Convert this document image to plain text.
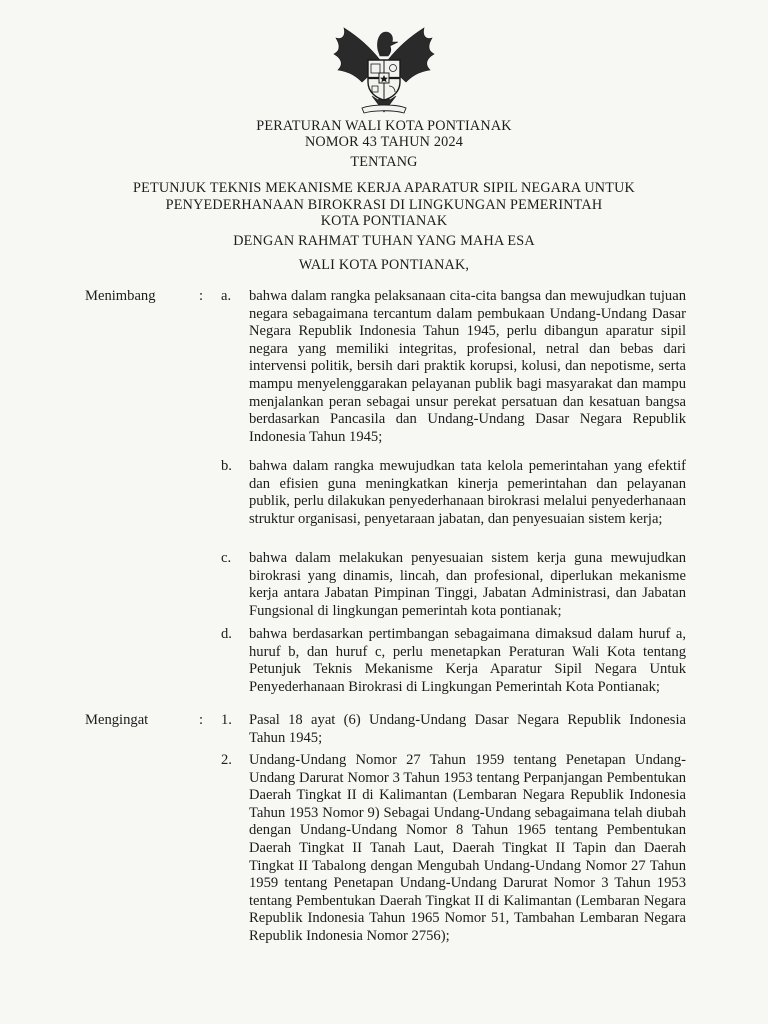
PERATURAN WALI KOTA PONTIANAK
NOMOR 43 TAHUN 2024
TENTANG
PETUNJUK TEKNIS MEKANISME KERJA APARATUR SIPIL NEGARA UNTUK
PENYEDERHANAAN BIROKRASI DI LINGKUNGAN PEMERINTAH
KOTA PONTIANAK
DENGAN RAHMAT TUHAN YANG MAHA ESA
WALI KOTA PONTIANAK,
Menimbang	: a. bahwa dalam rangka pelaksanaan cita-cita bangsa dan mewujudkan tujuan negara sebagaimana tercantum dalam pembukaan Undang-Undang Dasar Negara Republik Indonesia Tahun 1945, perlu dibangun aparatur sipil negara yang memiliki integritas, profesional, netral dan bebas dari intervensi politik, bersih dari praktik korupsi, kolusi, dan nepotisme, serta mampu menyelenggarakan pelayanan publik bagi masyarakat dan mampu menjalankan peran sebagai unsur perekat persatuan dan kesatuan bangsa berdasarkan Pancasila dan Undang-Undang Dasar Negara Republik Indonesia Tahun 1945;
b. bahwa dalam rangka mewujudkan tata kelola pemerintahan yang efektif dan efisien guna meningkatkan kinerja pemerintahan dan pelayanan publik, perlu dilakukan penyederhanaan birokrasi melalui penyederhanaan struktur organisasi, penyetaraan jabatan, dan penyesuaian sistem kerja;
c. bahwa dalam melakukan penyesuaian sistem kerja guna mewujudkan birokrasi yang dinamis, lincah, dan profesional, diperlukan mekanisme kerja antara Jabatan Pimpinan Tinggi, Jabatan Administrasi, dan Jabatan Fungsional di lingkungan pemerintah kota pontianak;
d. bahwa berdasarkan pertimbangan sebagaimana dimaksud dalam huruf a, huruf b, dan huruf c, perlu menetapkan Peraturan Wali Kota tentang Petunjuk Teknis Mekanisme Kerja Aparatur Sipil Negara Untuk Penyederhanaan Birokrasi di Lingkungan Pemerintah Kota Pontianak;
Mengingat	: 1. Pasal 18 ayat (6) Undang-Undang Dasar Negara Republik Indonesia Tahun 1945;
2. Undang-Undang Nomor 27 Tahun 1959 tentang Penetapan Undang-Undang Darurat Nomor 3 Tahun 1953 tentang Perpanjangan Pembentukan Daerah Tingkat II di Kalimantan (Lembaran Negara Republik Indonesia Tahun 1953 Nomor 9) Sebagai Undang-Undang sebagaimana telah diubah dengan Undang-Undang Nomor 8 Tahun 1965 tentang Pembentukan Daerah Tingkat II Tanah Laut, Daerah Tingkat II Tapin dan Daerah Tingkat II Tabalong dengan Mengubah Undang-Undang Nomor 27 Tahun 1959 tentang Penetapan Undang-Undang Darurat Nomor 3 Tahun 1953 tentang Pembentukan Daerah Tingkat II di Kalimantan (Lembaran Negara Republik Indonesia Tahun 1965 Nomor 51, Tambahan Lembaran Negara Republik Indonesia Nomor 2756);
